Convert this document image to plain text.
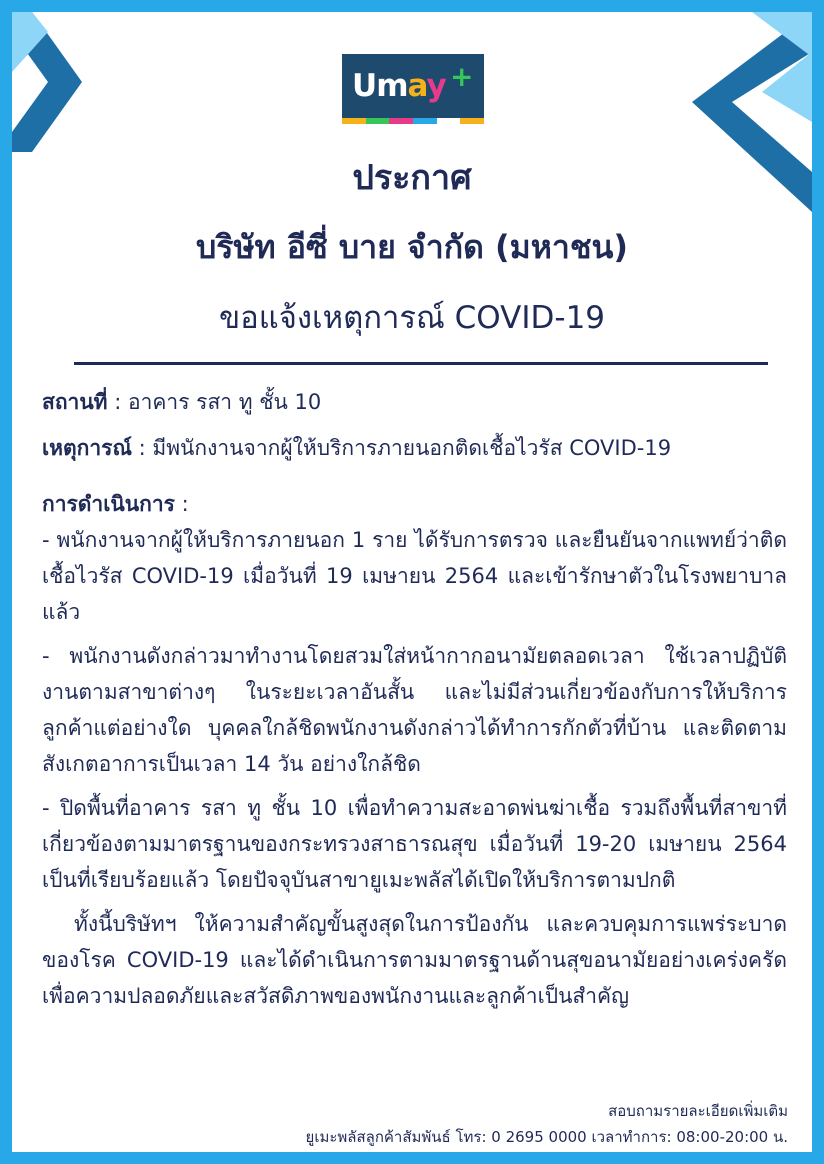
Umay +
ประกาศ
บริษัท อีซี่ บาย จำกัด (มหาชน)
ขอแจ้งเหตุการณ์ COVID-19

สถานที่ : อาคาร รสา ทู ชั้น 10

เหตุการณ์ : มีพนักงานจากผู้ให้บริการภายนอกติดเชื้อไวรัส COVID-19

การดำเนินการ :

- พนักงานจากผู้ให้บริการภายนอก 1 ราย ได้รับการตรวจ และยืนยันจากแพทย์ว่าติดเชื้อไวรัส COVID-19 เมื่อวันที่ 19 เมษายน 2564 และเข้ารักษาตัวในโรงพยาบาลแล้ว

- พนักงานดังกล่าวมาทำงานโดยสวมใส่หน้ากากอนามัยตลอดเวลา ใช้เวลาปฏิบัติงานตามสาขาต่างๆ ในระยะเวลาอันสั้น และไม่มีส่วนเกี่ยวข้องกับการให้บริการลูกค้าแต่อย่างใด บุคคลใกล้ชิดพนักงานดังกล่าวได้ทำการกักตัวที่บ้าน และติดตามสังเกตอาการเป็นเวลา 14 วัน อย่างใกล้ชิด

- ปิดพื้นที่อาคาร รสา ทู ชั้น 10 เพื่อทำความสะอาดพ่นฆ่าเชื้อ รวมถึงพื้นที่สาขาที่เกี่ยวข้องตามมาตรฐานของกระทรวงสาธารณสุข เมื่อวันที่ 19-20 เมษายน 2564 เป็นที่เรียบร้อยแล้ว โดยปัจจุบันสาขายูเมะพลัสได้เปิดให้บริการตามปกติ

ทั้งนี้บริษัทฯ ให้ความสำคัญขั้นสูงสุดในการป้องกัน และควบคุมการแพร่ระบาดของโรค COVID-19 และได้ดำเนินการตามมาตรฐานด้านสุขอนามัยอย่างเคร่งครัด เพื่อความปลอดภัยและสวัสดิภาพของพนักงานและลูกค้าเป็นสำคัญ

สอบถามรายละเอียดเพิ่มเติม
ยูเมะพลัสลูกค้าสัมพันธ์ โทร: 0 2695 0000 เวลาทำการ: 08:00-20:00 น.
